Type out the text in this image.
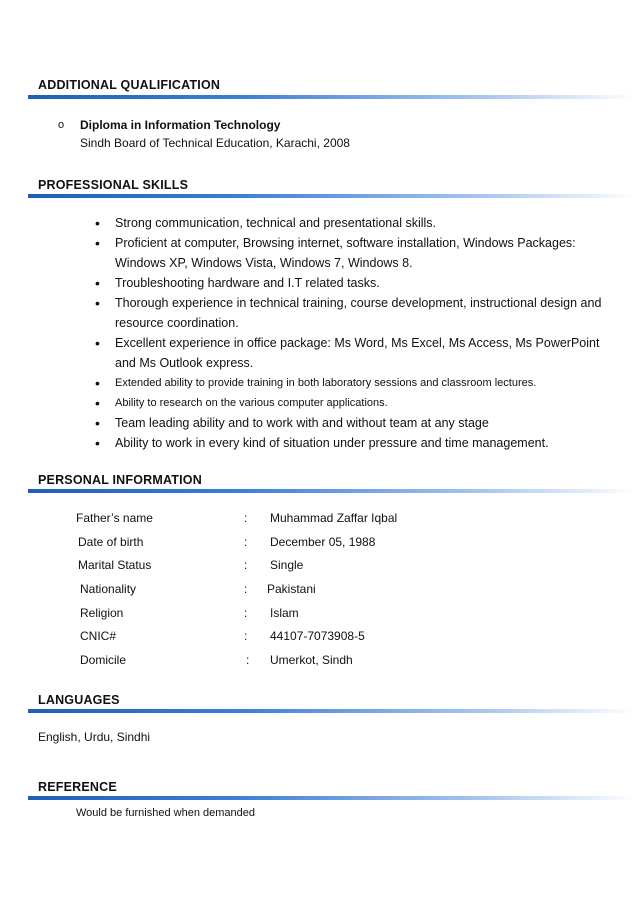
ADDITIONAL QUALIFICATION
o Diploma in Information Technology
Sindh Board of Technical Education, Karachi, 2008
PROFESSIONAL SKILLS
• Strong communication, technical and presentational skills.
• Proficient at computer, Browsing internet, software installation, Windows Packages: Windows XP, Windows Vista, Windows 7, Windows 8.
• Troubleshooting hardware and I.T related tasks.
• Thorough experience in technical training, course development, instructional design and resource coordination.
• Excellent experience in office package: Ms Word, Ms Excel, Ms Access, Ms PowerPoint and Ms Outlook express.
• Extended ability to provide training in both laboratory sessions and classroom lectures.
• Ability to research on the various computer applications.
• Team leading ability and to work with and without team at any stage
• Ability to work in every kind of situation under pressure and time management.
PERSONAL INFORMATION
Father’s name	: Muhammad Zaffar Iqbal
Date of birth	: December 05, 1988
Marital Status	: Single
Nationality	: Pakistani
Religion	: Islam
CNIC#	: 44107-7073908-5
Domicile	: Umerkot, Sindh
LANGUAGES
English, Urdu, Sindhi
REFERENCE
Would be furnished when demanded
